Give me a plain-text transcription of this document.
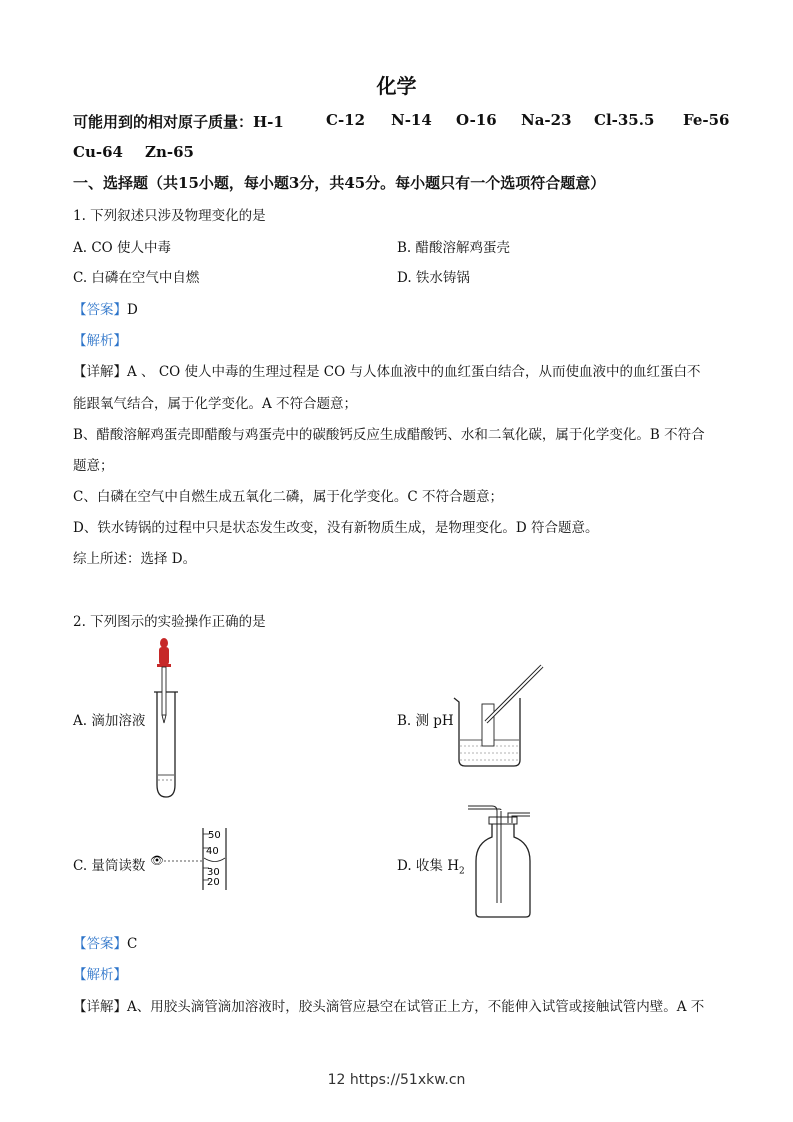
化学
可能用到的相对原子质量：H-1	C-12 N-14 O-16 Na-23 Cl-35.5 Fe-56
Cu-64 Zn-65
一、选择题（共15小题，每小题3分，共45分。每小题只有一个选项符合题意）
1. 下列叙述只涉及物理变化的是
A. CO 使人中毒	B. 醋酸溶解鸡蛋壳
C. 白磷在空气中自燃	D. 铁水铸锅
【答案】D
【解析】
【详解】A 、 CO 使人中毒的生理过程是 CO 与人体血液中的血红蛋白结合，从而使血液中的血红蛋白不
能跟氧气结合，属于化学变化。A 不符合题意；
B、醋酸溶解鸡蛋壳即醋酸与鸡蛋壳中的碳酸钙反应生成醋酸钙、水和二氧化碳，属于化学变化。B 不符合
题意；
C、白磷在空气中自燃生成五氧化二磷，属于化学变化。C 不符合题意；
D、铁水铸锅的过程中只是状态发生改变，没有新物质生成，是物理变化。D 符合题意。
综上所述：选择 D。
2. 下列图示的实验操作正确的是
A. 滴加溶液	B. 测 pH
C. 量筒读数 👁
50
40
30
20
D. 收集 $H_2$
【答案】C
【解析】
【详解】A、用胶头滴管滴加溶液时，胶头滴管应悬空在试管正上方，不能伸入试管或接触试管内壁。A 不
12 https://51xkw.cn
